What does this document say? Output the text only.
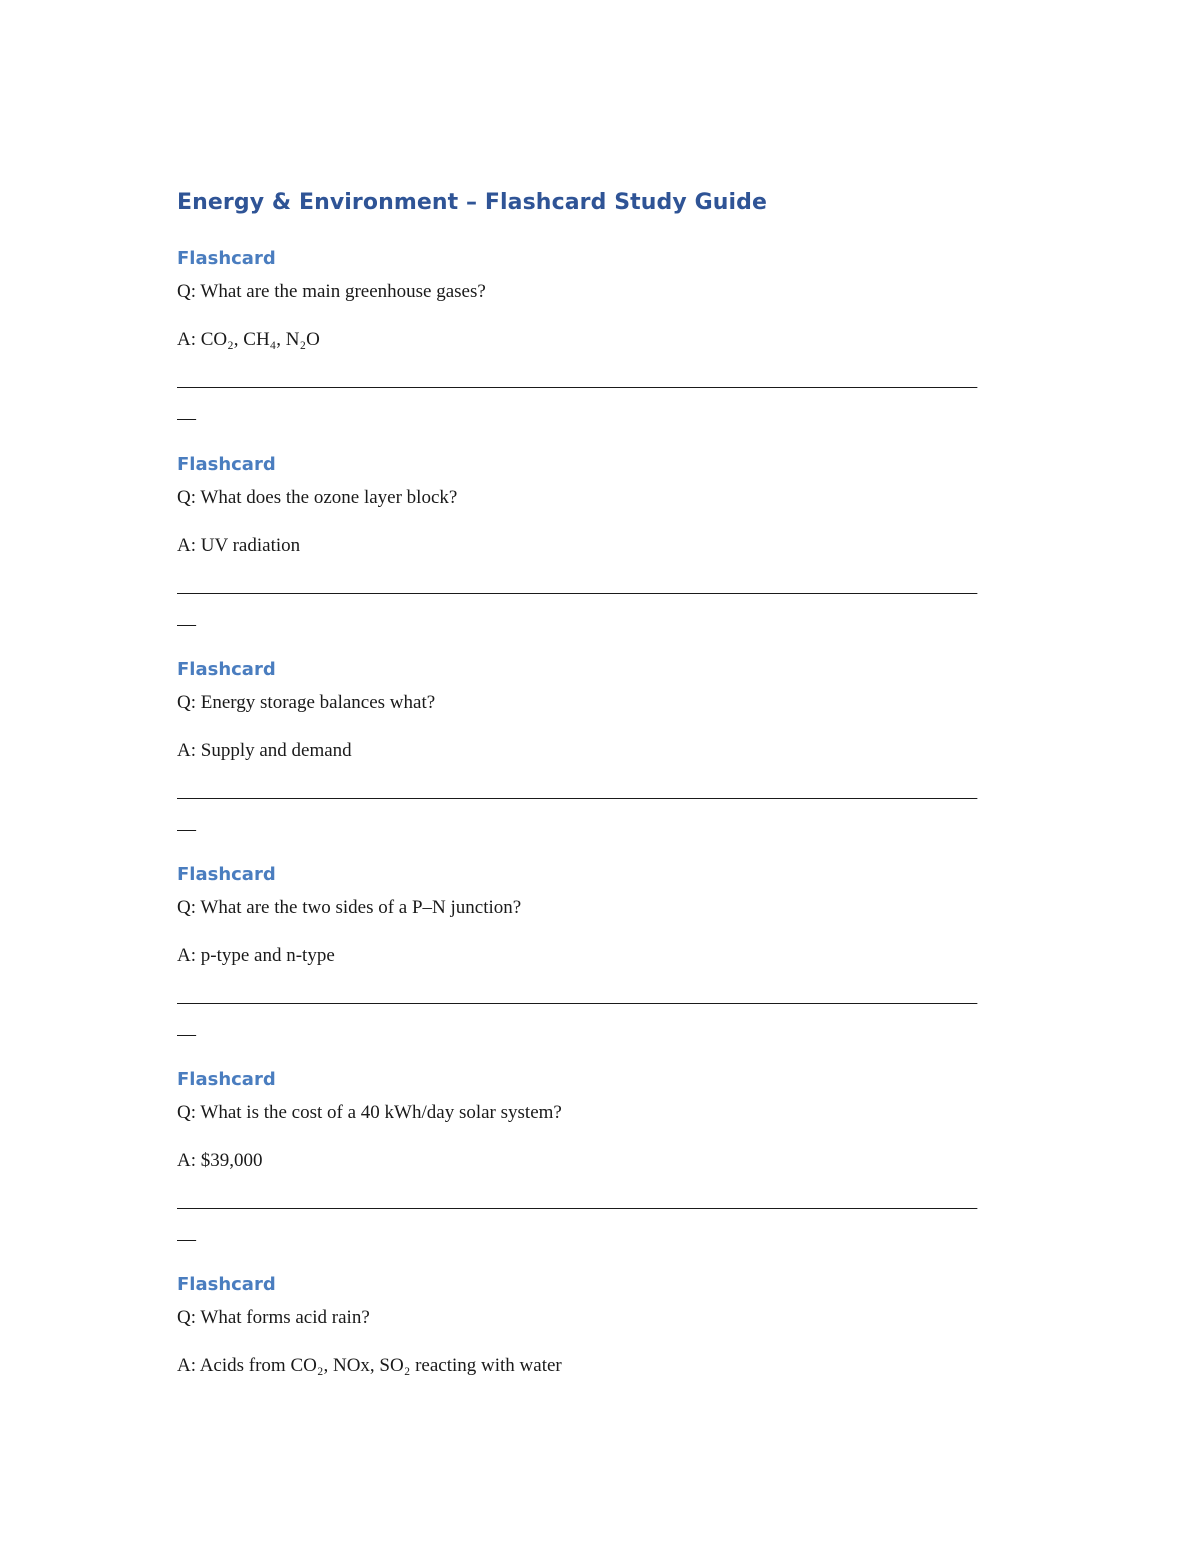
Energy & Environment – Flashcard Study Guide
Flashcard

Q: What are the main greenhouse gases?

A: CO₂, CH₄, N₂O

———————————————————————————————————————————

—

Flashcard

Q: What does the ozone layer block?

A: UV radiation

———————————————————————————————————————————

—

Flashcard

Q: Energy storage balances what?

A: Supply and demand

———————————————————————————————————————————

—

Flashcard

Q: What are the two sides of a P–N junction?

A: p-type and n-type

———————————————————————————————————————————

—

Flashcard

Q: What is the cost of a 40 kWh/day solar system?

A: $39,000

———————————————————————————————————————————

—

Flashcard

Q: What forms acid rain?

A: Acids from CO₂, NOx, SO₂ reacting with water
